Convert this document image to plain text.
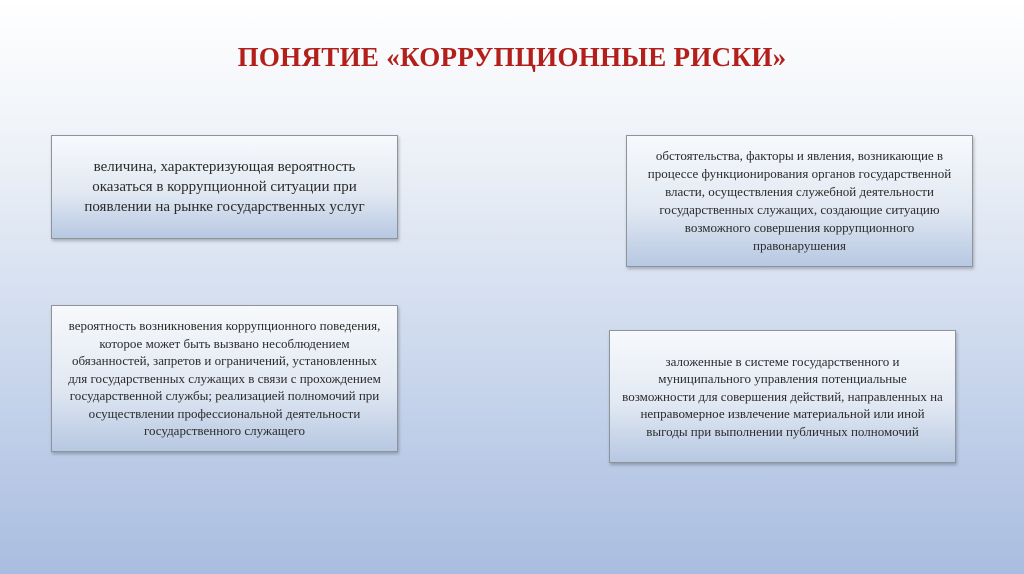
ПОНЯТИЕ «КОРРУПЦИОННЫЕ РИСКИ»
величина, характеризующая вероятность оказаться в коррупционной ситуации при появлении на рынке государственных услуг
обстоятельства, факторы и явления, возникающие в процессе функционирования органов государственной власти, осуществления служебной деятельности государственных служащих, создающие ситуацию возможного совершения коррупционного правонарушения
вероятность возникновения коррупционного поведения, которое может быть вызвано несоблюдением обязанностей, запретов и ограничений, установленных для государственных служащих в связи с прохождением государственной службы; реализацией полномочий при осуществлении профессиональной деятельности государственного служащего
заложенные в системе государственного и муниципального управления потенциальные возможности для совершения действий, направленных на неправомерное извлечение материальной или иной выгоды при выполнении публичных полномочий
